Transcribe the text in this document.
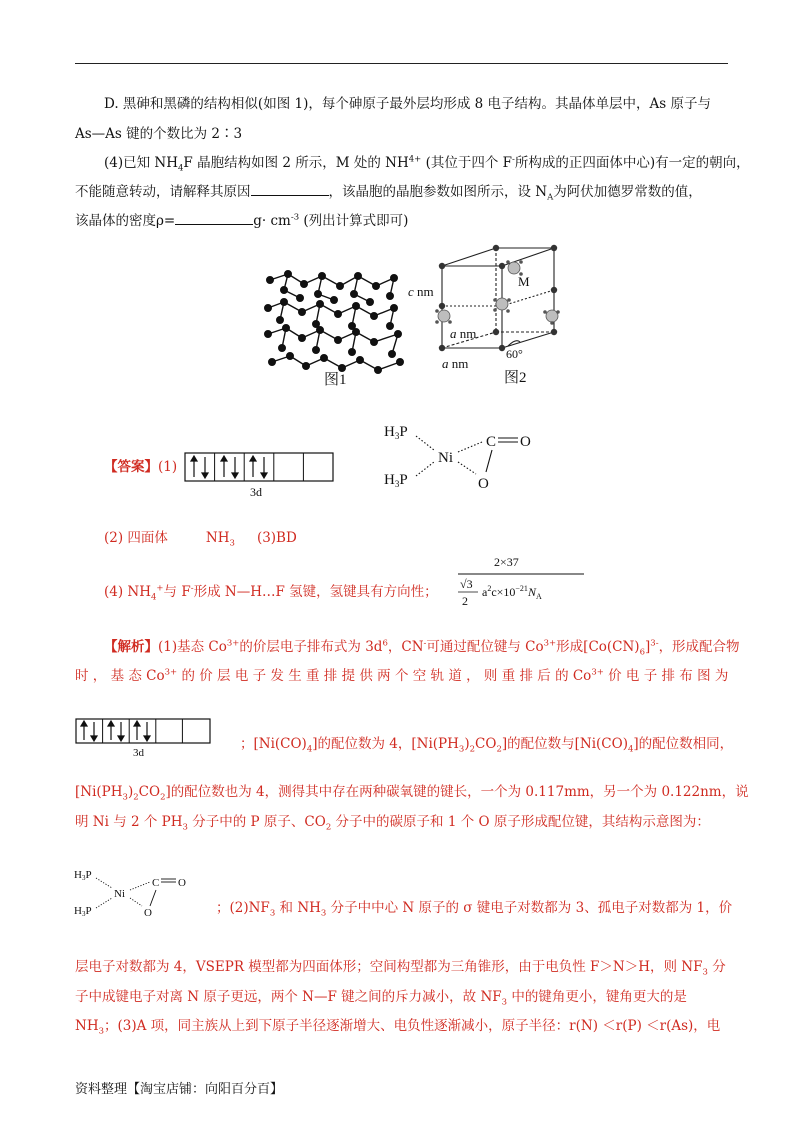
D. 黑砷和黑磷的结构相似(如图 1)，每个砷原子最外层均形成 8 电子结构。其晶体单层中，As 原子与
As—As 键的个数比为 2∶3
(4)已知 $NH_4F$ 晶胞结构如图 2 所示，M 处的 $NH^{4+}$ (其位于四个 F-所构成的正四面体中心)有一定的朝向，
不能随意转动，请解释其原因	，该晶胞的晶胞参数如图所示，设 $N_A$为阿伏加德罗常数的值，
该晶体的密度ρ=	$g\cdot cm^{-3}$ (列出计算式即可)
图1
M
c nm
a nm
a nm
60°
图2
【答案】(1)
3d
$H_3P$
$H_3P$
Ni
C O
O
(2) 四面体	$NH_3$ (3)BD
(4) $NH_4^+$与 F-形成 N—H…F 氢键，氢键具有方向性；
2×37
√3
2
$a^2c\times 10^{-21}N_A$
【解析】(1)基态 $Co^{3+}$的价层电子排布式为 $3d^6$，CN-可通过配位键与 $Co^{3+}$形成$[Co(CN)_6]^{3-}$，形成配合物
时 ， 基 态 $Co^{3+}$ 的 价 层 电 子 发 生 重 排 提 供 两 个 空 轨 道 ， 则 重 排 后 的 $Co^{3+}$ 价 电 子 排 布 图 为
3d
；$[Ni(CO)_4]$的配位数为 4，$[Ni(PH_3)_2CO_2]$的配位数与$[Ni(CO)_4]$的配位数相同，
$[Ni(PH_3)_2CO_2]$的配位数也为 4，测得其中存在两种碳氧键的键长，一个为 0.117mm，另一个为 0.122nm，说
明 Ni 与 2 个 $PH_3$ 分子中的 P 原子、$CO_2$ 分子中的碳原子和 1 个 O 原子形成配位键，其结构示意图为：
H3P
H3P
Ni
C O
O	；$(2)NF_3$ 和 $NH_3$ 分子中中心 N 原子的 σ 键电子对数都为 3、孤电子对数都为 1，价
层电子对数都为 4，VSEPR 模型都为四面体形；空间构型都为三角锥形，由于电负性 F＞N＞H，则 $NF_3$ 分
子中成键电子对离 N 原子更远，两个 N—F 键之间的斥力减小，故 $NF_3$ 中的键角更小，键角更大的是
$NH_3$；(3)A 项，同主族从上到下原子半径逐渐增大、电负性逐渐减小，原子半径：r(N) ＜r(P) ＜r(As)，电
资料整理【淘宝店铺：向阳百分百】
